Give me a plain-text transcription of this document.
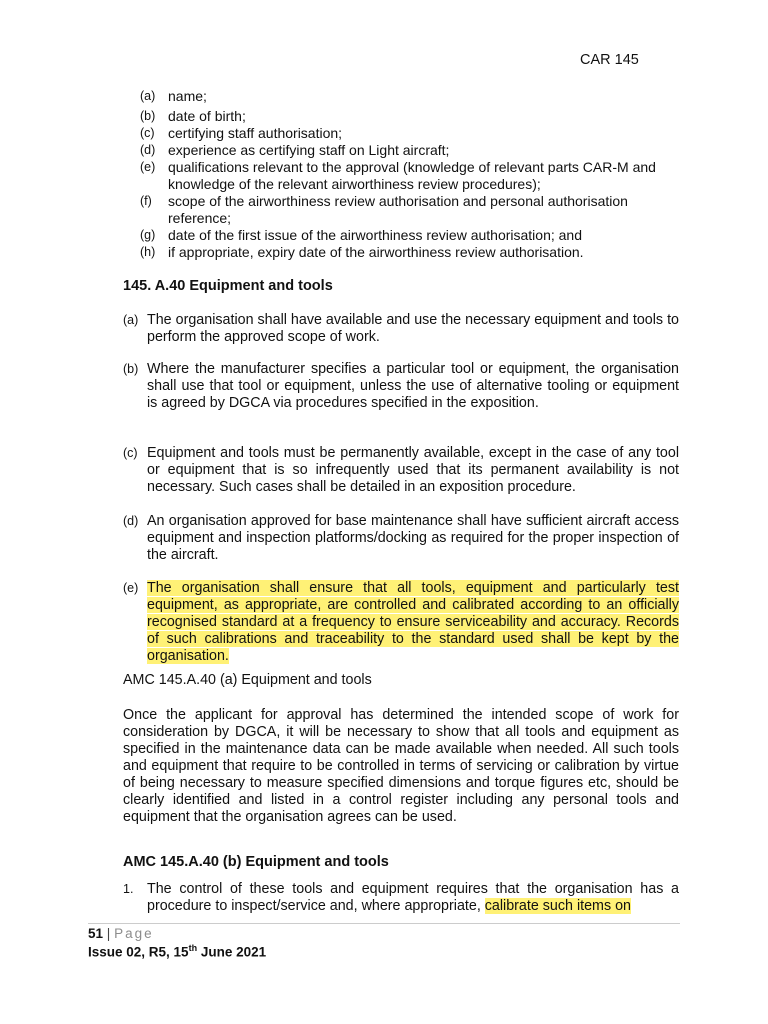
CAR 145
(a) name;
(b) date of birth;
(c) certifying staff authorisation;
(d) experience as certifying staff on Light aircraft;
(e) qualifications relevant to the approval (knowledge of relevant parts CAR-M and knowledge of the relevant airworthiness review procedures);
(f)	scope of the airworthiness review authorisation and personal authorisation reference;
(g) date of the first issue of the airworthiness review authorisation; and
(h) if appropriate, expiry date of the airworthiness review authorisation.
145. A.40 Equipment and tools
(a) The organisation shall have available and use the necessary equipment and tools to perform the approved scope of work.
(b) Where the manufacturer specifies a particular tool or equipment, the organisation shall use that tool or equipment, unless the use of alternative tooling or equipment is agreed by DGCA via procedures specified in the exposition.
(c) Equipment and tools must be permanently available, except in the case of any tool or equipment that is so infrequently used that its permanent availability is not necessary. Such cases shall be detailed in an exposition procedure.
(d) An organisation approved for base maintenance shall have sufficient aircraft access equipment and inspection platforms/docking as required for the proper inspection of the aircraft.
(e) The organisation shall ensure that all tools, equipment and particularly test equipment, as appropriate, are controlled and calibrated according to an officially recognised standard at a frequency to ensure serviceability and accuracy. Records of such calibrations and traceability to the standard used shall be kept by the organisation.
AMC 145.A.40 (a) Equipment and tools
Once the applicant for approval has determined the intended scope of work for consideration by DGCA, it will be necessary to show that all tools and equipment as specified in the maintenance data can be made available when needed. All such tools and equipment that require to be controlled in terms of servicing or calibration by virtue of being necessary to measure specified dimensions and torque figures etc, should be clearly identified and listed in a control register including any personal tools and equipment that the organisation agrees can be used.
AMC 145.A.40 (b) Equipment and tools
1. The control of these tools and equipment requires that the organisation has a procedure to inspect/service and, where appropriate, calibrate such items on
51 | Page
Issue 02, R5, 15th June 2021
